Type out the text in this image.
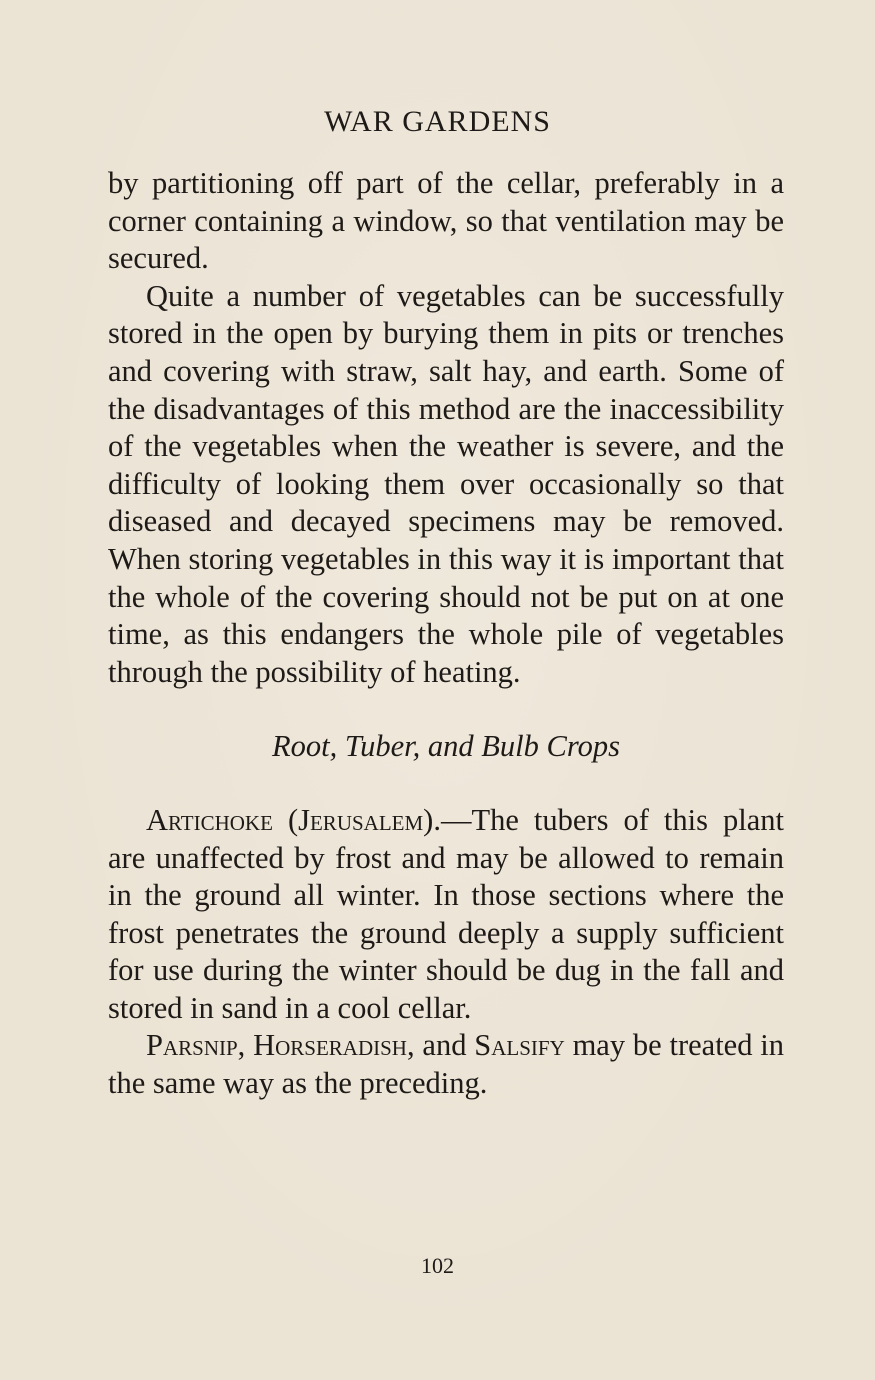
WAR GARDENS

by partitioning off part of the cellar, preferably in a corner containing a window, so that ventilation may be secured.

Quite a number of vegetables can be successfully stored in the open by burying them in pits or trenches and covering with straw, salt hay, and earth. Some of the disadvantages of this method are the inaccessibility of the vegetables when the weather is severe, and the difficulty of looking them over occasionally so that diseased and decayed specimens may be removed. When storing vegetables in this way it is important that the whole of the covering should not be put on at one time, as this endangers the whole pile of vegetables through the possibility of heating.

Root, Tuber, and Bulb Crops

Artichoke (Jerusalem).—The tubers of this plant are unaffected by frost and may be allowed to remain in the ground all winter. In those sections where the frost penetrates the ground deeply a supply sufficient for use during the winter should be dug in the fall and stored in sand in a cool cellar.

Parsnip, Horseradish, and Salsify may be treated in the same way as the preceding.

102
